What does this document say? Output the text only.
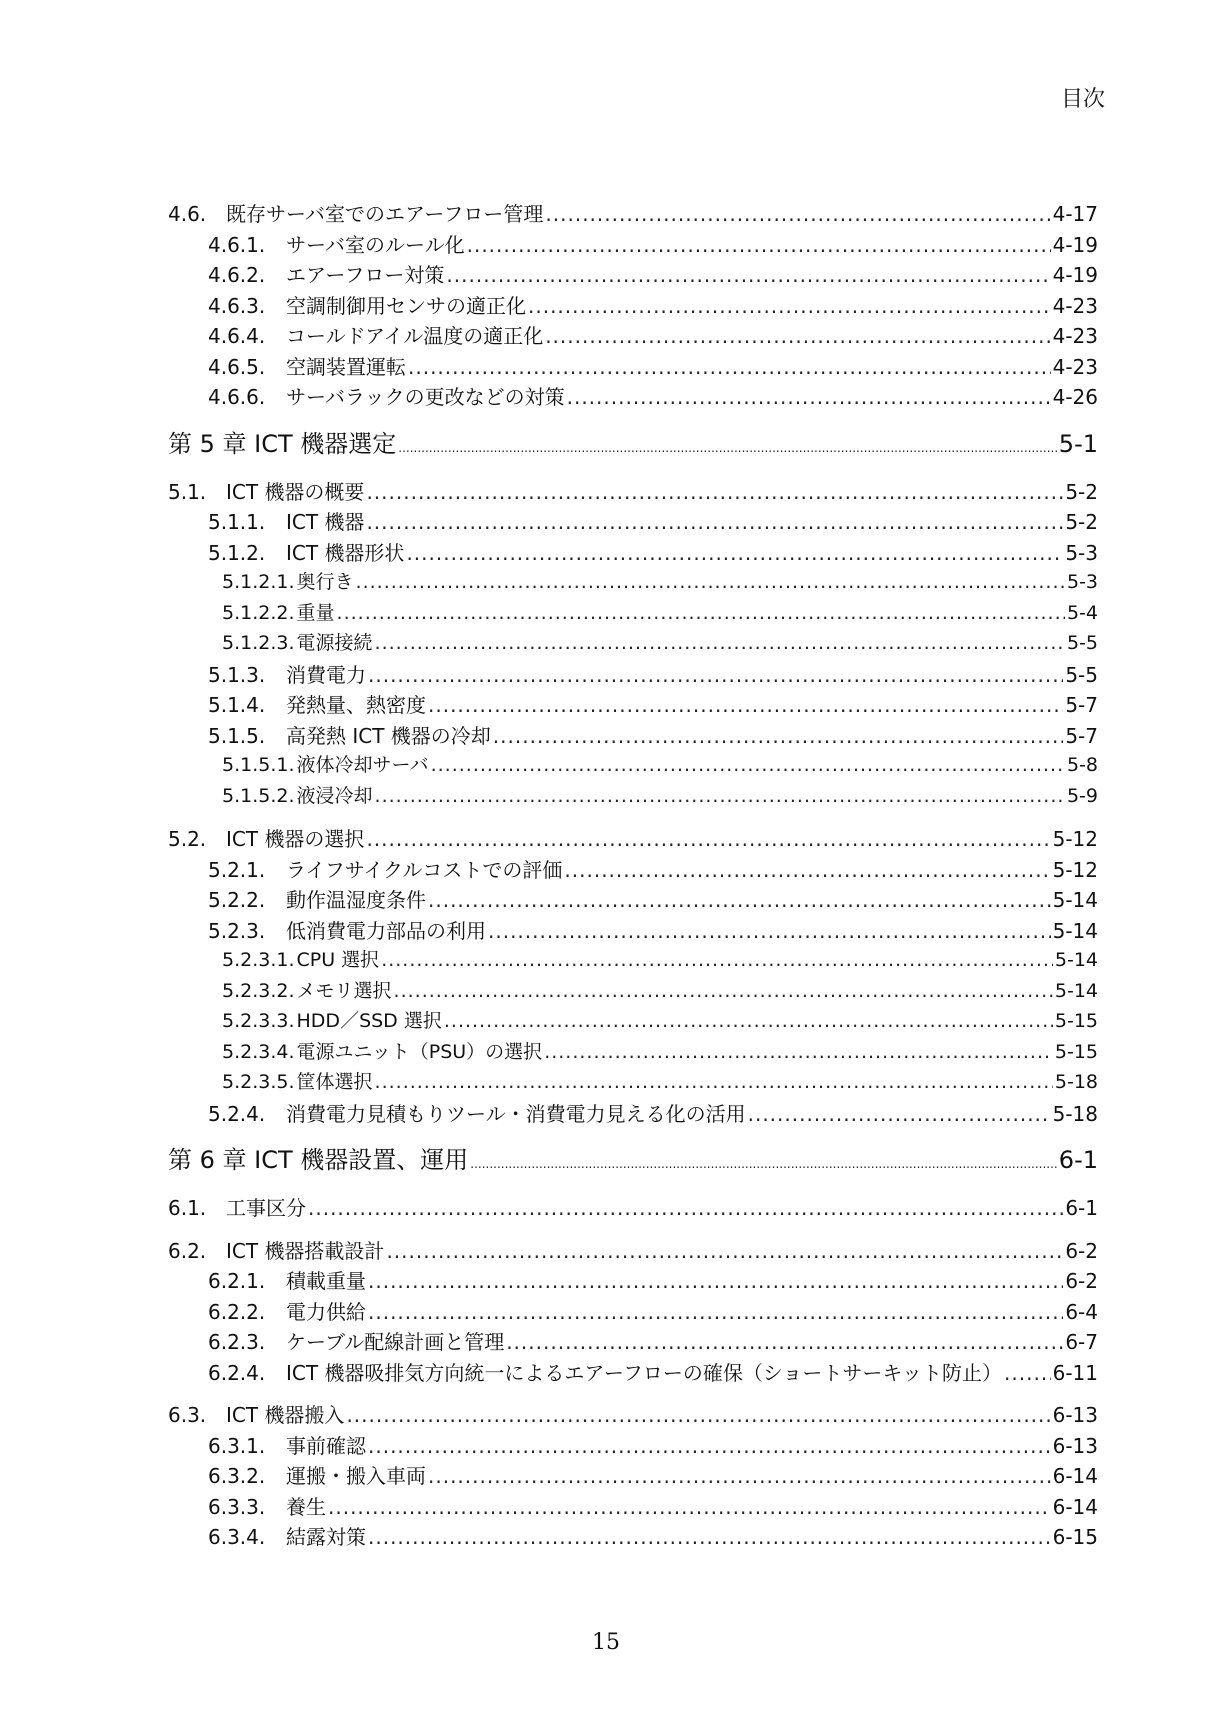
目次
4.6. 既存サーバ室でのエアーフロー管理 .....	4-17
4.6.1.	サーバ室のルール化 .....	4-19
4.6.2.	エアーフロー対策 .....	4-19
4.6.3.	空調制御用センサの適正化 .....	4-23
4.6.4.	コールドアイル温度の適正化 .....	4-23
4.6.5.	空調装置運転 .....	4-23
4.6.6.	サーバラックの更改などの対策 .....	4-26
第 5 章 ICT 機器選定 .....	5-1
5.1. ICT 機器の概要 .....	5-2
5.1.1.	ICT 機器 .....	5-2
5.1.2.	ICT 機器形状 .....	5-3
5.1.2.1. 奥行き .....	5-3
5.1.2.2. 重量 .....	5-4
5.1.2.3. 電源接続 .....	5-5
5.1.3.	消費電力 .....	5-5
5.1.4.	発熱量、熱密度 .....	5-7
5.1.5.	高発熱 ICT 機器の冷却 .....	5-7
5.1.5.1. 液体冷却サーバ .....	5-8
5.1.5.2. 液浸冷却 .....	5-9
5.2. ICT 機器の選択 .....	5-12
5.2.1.	ライフサイクルコストでの評価 .....	5-12
5.2.2.	動作温湿度条件 .....	5-14
5.2.3.	低消費電力部品の利用 .....	5-14
5.2.3.1. CPU 選択 .....	5-14
5.2.3.2. メモリ選択 .....	5-14
5.2.3.3. HDD／SSD 選択 .....	5-15
5.2.3.4. 電源ユニット（PSU）の選択 .....	5-15
5.2.3.5. 筐体選択 .....	5-18
5.2.4.	消費電力見積もりツール・消費電力見える化の活用 .....	5-18
第 6 章 ICT 機器設置、運用 .....	6-1
6.1. 工事区分 .....	6-1
6.2. ICT 機器搭載設計 .....	6-2
6.2.1.	積載重量 .....	6-2
6.2.2.	電力供給 .....	6-4
6.2.3.	ケーブル配線計画と管理 .....	6-7
6.2.4.	ICT 機器吸排気方向統一によるエアーフローの確保（ショートサーキット防止） .....	6-11
6.3. ICT 機器搬入 .....	6-13
6.3.1.	事前確認 .....	6-13
6.3.2.	運搬・搬入車両 .....	6-14
6.3.3.	養生 .....	6-14
6.3.4.	結露対策 .....	6-15
15
